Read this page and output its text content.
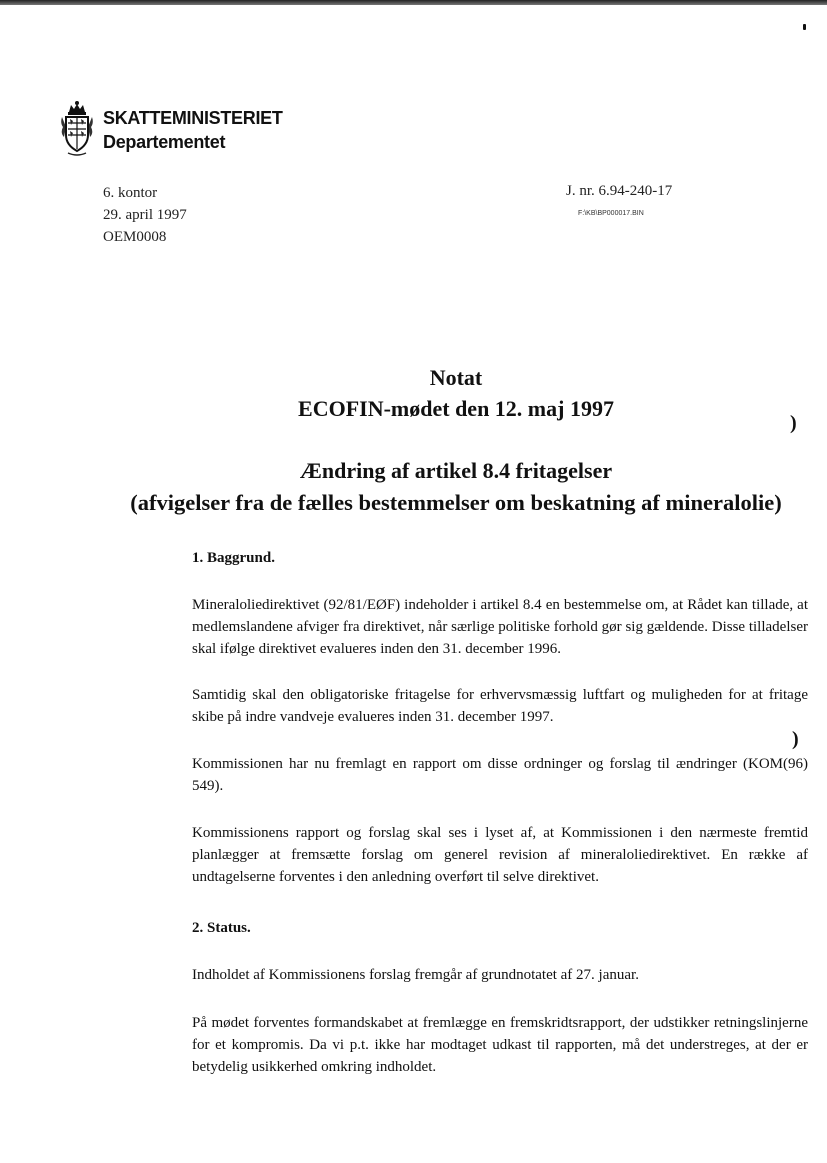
SKATTEMINISTERIET
Departementet
6. kontor
29. april 1997
OEM0008
J. nr. 6.94-240-17
F:\KB\BP000017.BIN
Notat
ECOFIN-mødet den 12. maj 1997
Ændring af artikel 8.4 fritagelser
(afvigelser fra de fælles bestemmelser om beskatning af mineralolie)
)
)
1. Baggrund.
Mineraloliedirektivet (92/81/EØF) indeholder i artikel 8.4 en bestemmelse om, at Rådet kan tillade, at medlemslandene afviger fra direktivet, når særlige politiske forhold gør sig gældende. Disse tilladelser skal ifølge direktivet evalueres inden den 31. december 1996.
Samtidig skal den obligatoriske fritagelse for erhvervsmæssig luftfart og muligheden for at fritage skibe på indre vandveje evalueres inden 31. december 1997.
Kommissionen har nu fremlagt en rapport om disse ordninger og forslag til ændringer (KOM(96) 549).
Kommissionens rapport og forslag skal ses i lyset af, at Kommissionen i den nærmeste fremtid planlægger at fremsætte forslag om generel revision af mineraloliedirektivet. En række af undtagelserne forventes i den anledning overført til selve direktivet.
2. Status.
Indholdet af Kommissionens forslag fremgår af grundnotatet af 27. januar.
På mødet forventes formandskabet at fremlægge en fremskridtsrapport, der udstikker retningslinjerne for et kompromis. Da vi p.t. ikke har modtaget udkast til rapporten, må det understreges, at der er betydelig usikkerhed omkring indholdet.
